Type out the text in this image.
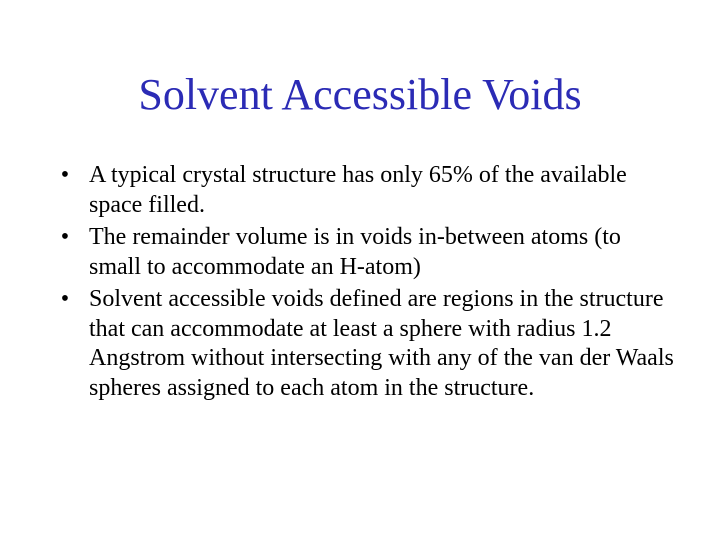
Solvent Accessible Voids
• A typical crystal structure has only 65% of the available space filled.
• The remainder volume is in voids in-between atoms (to small to accommodate an H-atom)
• Solvent accessible voids defined are regions in the structure that can accommodate at least a sphere with radius 1.2 Angstrom without intersecting with any of the van der Waals spheres assigned to each atom in the structure.
